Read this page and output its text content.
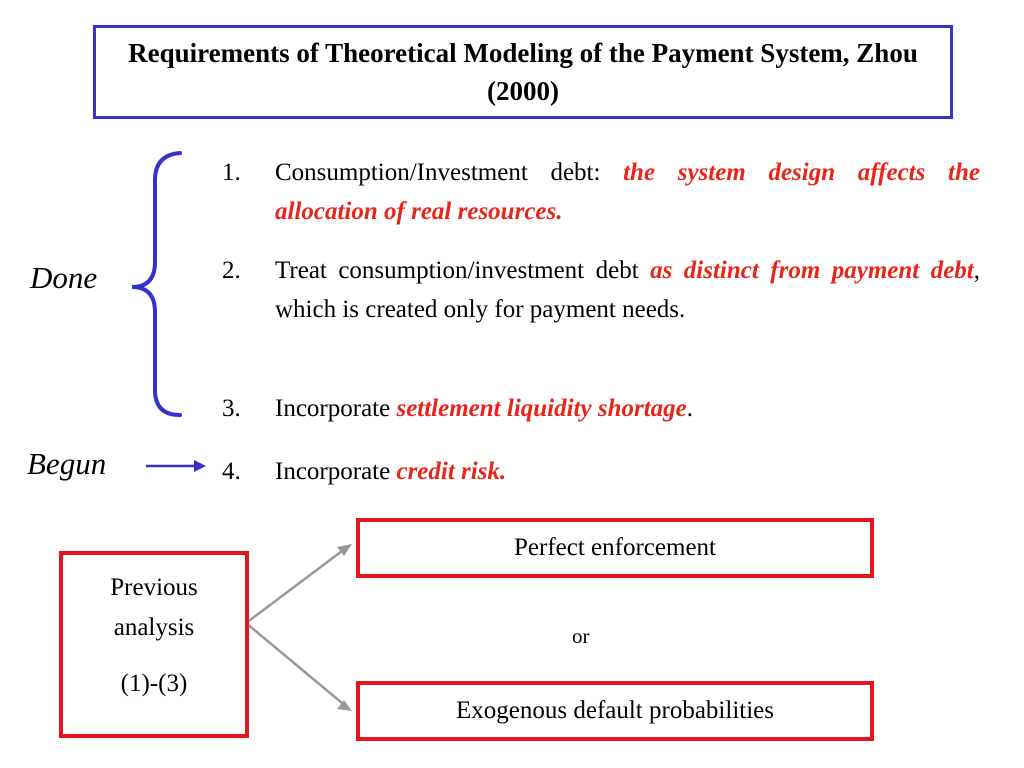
Requirements of Theoretical Modeling of the Payment System, Zhou (2000)
1. Consumption/Investment debt: the system design affects the allocation of real resources.
2. Treat consumption/investment debt as distinct from payment debt, which is created only for payment needs.
3. Incorporate settlement liquidity shortage.
4. Incorporate credit risk.
Done
Begun
Previous
analysis
(1)-(3)
Perfect enforcement
or
Exogenous default probabilities
